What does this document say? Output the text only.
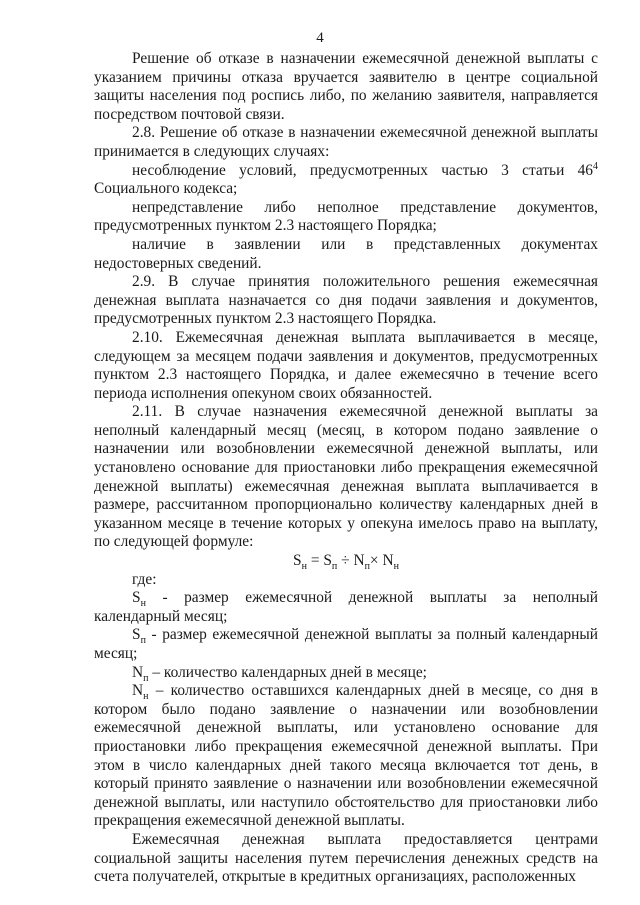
4

Решение об отказе в назначении ежемесячной денежной выплаты с указанием причины отказа вручается заявителю в центре социальной защиты населения под роспись либо, по желанию заявителя, направляется посредством почтовой связи.

2.8. Решение об отказе в назначении ежемесячной денежной выплаты принимается в следующих случаях:

несоблюдение условий, предусмотренных частью 3 статьи $46^4$ Социального кодекса;

непредставление либо неполное представление документов, предусмотренных пунктом 2.3 настоящего Порядка;

наличие в заявлении или в представленных документах недостоверных сведений.

2.9. В случае принятия положительного решения ежемесячная денежная выплата назначается со дня подачи заявления и документов, предусмотренных пунктом 2.3 настоящего Порядка.

2.10. Ежемесячная денежная выплата выплачивается в месяце, следующем за месяцем подачи заявления и документов, предусмотренных пунктом 2.3 настоящего Порядка, и далее ежемесячно в течение всего периода исполнения опекуном своих обязанностей.

2.11. В случае назначения ежемесячной денежной выплаты за неполный календарный месяц (месяц, в котором подано заявление о назначении или возобновлении ежемесячной денежной выплаты, или установлено основание для приостановки либо прекращения ежемесячной денежной выплаты) ежемесячная денежная выплата выплачивается в размере, рассчитанном пропорционально количеству календарных дней в указанном месяце в течение которых у опекуна имелось право на выплату, по следующей формуле:

$S_н = S_п \div N_п\times N_н$

где:

$S_н$ - размер ежемесячной денежной выплаты за неполный календарный месяц;

$S_п$ - размер ежемесячной денежной выплаты за полный календарный месяц;

$N_п$ – количество календарных дней в месяце;

$N_н$ – количество оставшихся календарных дней в месяце, со дня в котором было подано заявление о назначении или возобновлении ежемесячной денежной выплаты, или установлено основание для приостановки либо прекращения ежемесячной денежной выплаты. При этом в число календарных дней такого месяца включается тот день, в который принято заявление о назначении или возобновлении ежемесячной денежной выплаты, или наступило обстоятельство для приостановки либо прекращения ежемесячной денежной выплаты.

Ежемесячная денежная выплата предоставляется центрами социальной защиты населения путем перечисления денежных средств на счета получателей, открытые в кредитных организациях, расположенных
